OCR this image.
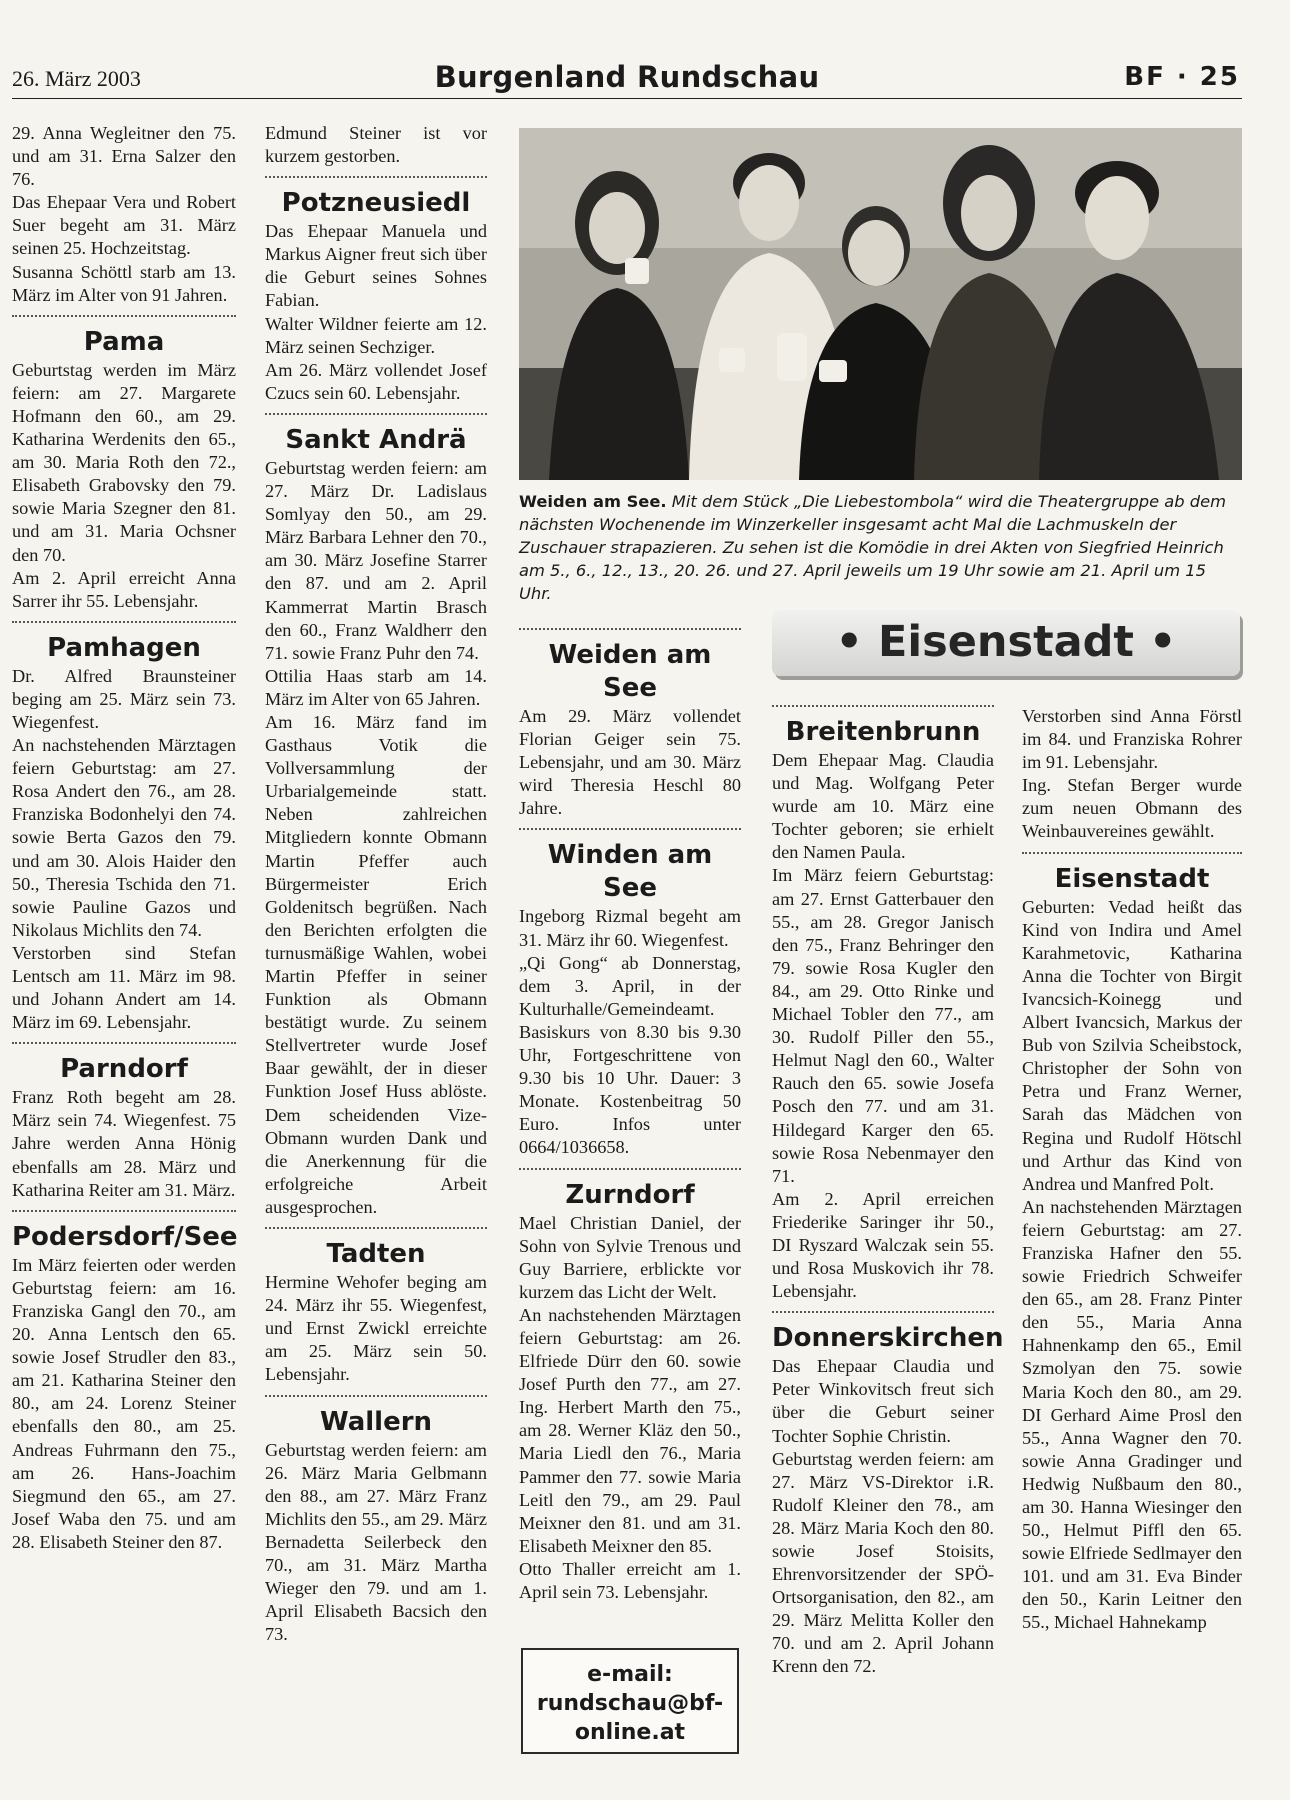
26. März 2003	Burgenland Rundschau	BF · 25

29. Anna Wegleitner den 75. und am 31. Erna Salzer den 76.

Das Ehepaar Vera und Robert Suer begeht am 31. März seinen 25. Hochzeitstag.

Susanna Schöttl starb am 13. März im Alter von 91 Jahren.

Pama

Geburtstag werden im März feiern: am 27. Margarete Hofmann den 60., am 29. Katharina Werdenits den 65., am 30. Maria Roth den 72., Elisabeth Grabovsky den 79. sowie Maria Szegner den 81. und am 31. Maria Ochsner den 70.

Am 2. April erreicht Anna Sarrer ihr 55. Lebensjahr.

Pamhagen

Dr. Alfred Braunsteiner beging am 25. März sein 73. Wiegenfest.

An nachstehenden Märztagen feiern Geburtstag: am 27. Rosa Andert den 76., am 28. Franziska Bodonhelyi den 74. sowie Berta Gazos den 79. und am 30. Alois Haider den 50., Theresia Tschida den 71. sowie Pauline Gazos und Nikolaus Michlits den 74.

Verstorben sind Stefan Lentsch am 11. März im 98. und Johann Andert am 14. März im 69. Lebensjahr.

Parndorf

Franz Roth begeht am 28. März sein 74. Wiegenfest. 75 Jahre werden Anna Hönig ebenfalls am 28. März und Katharina Reiter am 31. März.

Podersdorf/See

Im März feierten oder werden Geburtstag feiern: am 16. Franziska Gangl den 70., am 20. Anna Lentsch den 65. sowie Josef Strudler den 83., am 21. Katharina Steiner den 80., am 24. Lorenz Steiner ebenfalls den 80., am 25. Andreas Fuhrmann den 75., am 26. Hans-Joachim Siegmund den 65., am 27. Josef Waba den 75. und am 28. Elisabeth Steiner den 87.

Edmund Steiner ist vor kurzem gestorben.

Potzneusiedl

Das Ehepaar Manuela und Markus Aigner freut sich über die Geburt seines Sohnes Fabian.

Walter Wildner feierte am 12. März seinen Sechziger.

Am 26. März vollendet Josef Czucs sein 60. Lebensjahr.

Sankt Andrä

Geburtstag werden feiern: am 27. März Dr. Ladislaus Somlyay den 50., am 29. März Barbara Lehner den 70., am 30. März Josefine Starrer den 87. und am 2. April Kammerrat Martin Brasch den 60., Franz Waldherr den 71. sowie Franz Puhr den 74.

Ottilia Haas starb am 14. März im Alter von 65 Jahren.

Am 16. März fand im Gasthaus Votik die Vollversammlung der Urbarialgemeinde statt. Neben zahlreichen Mitgliedern konnte Obmann Martin Pfeffer auch Bürgermeister Erich Goldenitsch begrüßen. Nach den Berichten erfolgten die turnusmäßige Wahlen, wobei Martin Pfeffer in seiner Funktion als Obmann bestätigt wurde. Zu seinem Stellvertreter wurde Josef Baar gewählt, der in dieser Funktion Josef Huss ablöste. Dem scheidenden Vize-Obmann wurden Dank und die Anerkennung für die erfolgreiche Arbeit ausgesprochen.

Tadten

Hermine Wehofer beging am 24. März ihr 55. Wiegenfest, und Ernst Zwickl erreichte am 25. März sein 50. Lebensjahr.

Wallern

Geburtstag werden feiern: am 26. März Maria Gelbmann den 88., am 27. März Franz Michlits den 55., am 29. März Bernadetta Seilerbeck den 70., am 31. März Martha Wieger den 79. und am 1. April Elisabeth Bacsich den 73.

Weiden am See. Mit dem Stück „Die Liebestombola“ wird die Theatergruppe ab dem nächsten Wochenende im Winzerkeller insgesamt acht Mal die Lachmuskeln der Zuschauer strapazieren. Zu sehen ist die Komödie in drei Akten von Siegfried Heinrich am 5., 6., 12., 13., 20. 26. und 27. April jeweils um 19 Uhr sowie am 21. April um 15 Uhr.
• Eisenstadt •
Weiden am See

Am 29. März vollendet Florian Geiger sein 75. Lebensjahr, und am 30. März wird Theresia Heschl 80 Jahre.

Winden am See

Ingeborg Rizmal begeht am 31. März ihr 60. Wiegenfest.

„Qi Gong“ ab Donnerstag, dem 3. April, in der Kulturhalle/Gemeindeamt. Basiskurs von 8.30 bis 9.30 Uhr, Fortgeschrittene von 9.30 bis 10 Uhr. Dauer: 3 Monate. Kostenbeitrag 50 Euro. Infos unter 0664/1036658.

Zurndorf

Mael Christian Daniel, der Sohn von Sylvie Trenous und Guy Barriere, erblickte vor kurzem das Licht der Welt.

An nachstehenden Märztagen feiern Geburtstag: am 26. Elfriede Dürr den 60. sowie Josef Purth den 77., am 27. Ing. Herbert Marth den 75., am 28. Werner Kläz den 50., Maria Liedl den 76., Maria Pammer den 77. sowie Maria Leitl den 79., am 29. Paul Meixner den 81. und am 31. Elisabeth Meixner den 85.

Otto Thaller erreicht am 1. April sein 73. Lebensjahr.

e-mail:
rundschau@bf-
online.at
Breitenbrunn

Dem Ehepaar Mag. Claudia und Mag. Wolfgang Peter wurde am 10. März eine Tochter geboren; sie erhielt den Namen Paula.

Im März feiern Geburtstag: am 27. Ernst Gatterbauer den 55., am 28. Gregor Janisch den 75., Franz Behringer den 79. sowie Rosa Kugler den 84., am 29. Otto Rinke und Michael Tobler den 77., am 30. Rudolf Piller den 55., Helmut Nagl den 60., Walter Rauch den 65. sowie Josefa Posch den 77. und am 31. Hildegard Karger den 65. sowie Rosa Nebenmayer den 71.

Am 2. April erreichen Friederike Saringer ihr 50., DI Ryszard Walczak sein 55. und Rosa Muskovich ihr 78. Lebensjahr.

Donnerskirchen

Das Ehepaar Claudia und Peter Winkovitsch freut sich über die Geburt seiner Tochter Sophie Christin.

Geburtstag werden feiern: am 27. März VS-Direktor i.R. Rudolf Kleiner den 78., am 28. März Maria Koch den 80. sowie Josef Stoisits, Ehrenvorsitzender der SPÖ-Ortsorganisation, den 82., am 29. März Melitta Koller den 70. und am 2. April Johann Krenn den 72.

Verstorben sind Anna Förstl im 84. und Franziska Rohrer im 91. Lebensjahr.

Ing. Stefan Berger wurde zum neuen Obmann des Weinbauvereines gewählt.

Eisenstadt

Geburten: Vedad heißt das Kind von Indira und Amel Karahmetovic, Katharina Anna die Tochter von Birgit Ivancsich-Koinegg und Albert Ivancsich, Markus der Bub von Szilvia Scheibstock, Christopher der Sohn von Petra und Franz Werner, Sarah das Mädchen von Regina und Rudolf Hötschl und Arthur das Kind von Andrea und Manfred Polt.

An nachstehenden Märztagen feiern Geburtstag: am 27. Franziska Hafner den 55. sowie Friedrich Schweifer den 65., am 28. Franz Pinter den 55., Maria Anna Hahnenkamp den 65., Emil Szmolyan den 75. sowie Maria Koch den 80., am 29. DI Gerhard Aime Prosl den 55., Anna Wagner den 70. sowie Anna Gradinger und Hedwig Nußbaum den 80., am 30. Hanna Wiesinger den 50., Helmut Piffl den 65. sowie Elfriede Sedlmayer den 101. und am 31. Eva Binder den 50., Karin Leitner den 55., Michael Hahnekamp
